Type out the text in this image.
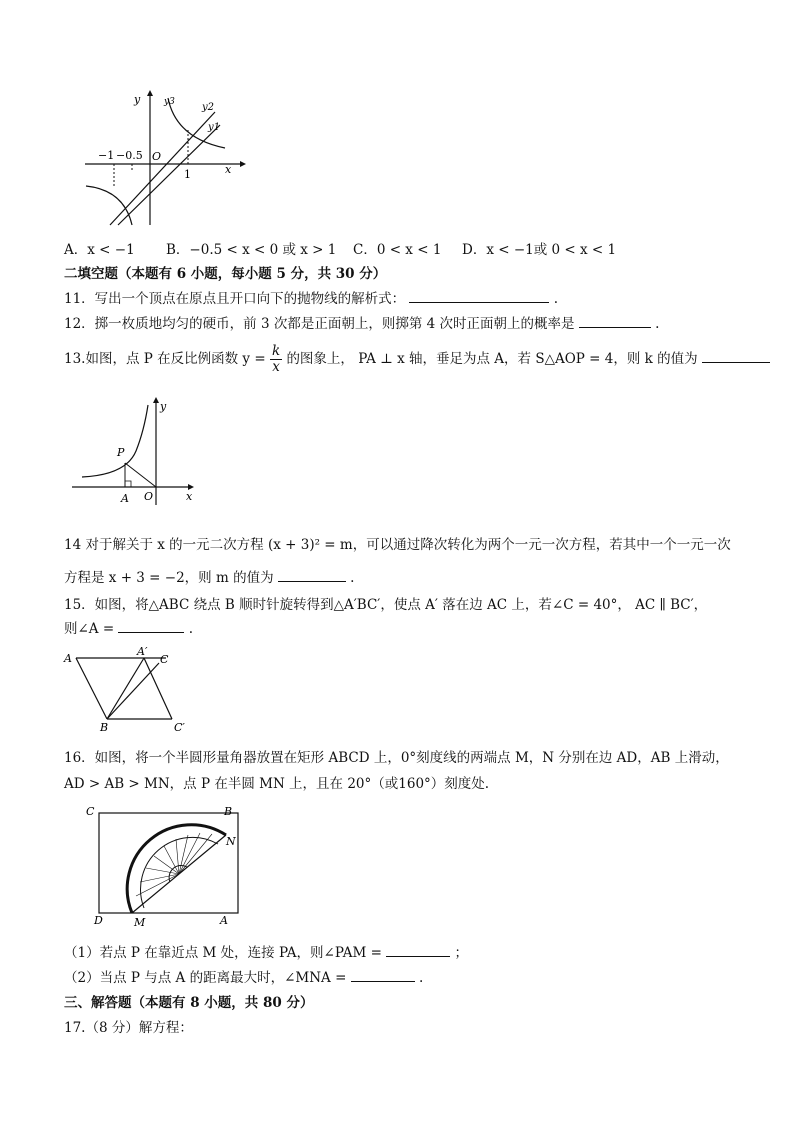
y	y3	y2
y1
−1 −0.5 O
1	x
A．x < −1 B．−0.5 < x < 0 或 x > 1 C．0 < x < 1 D．x < −1或 0 < x < 1
二填空题（本题有 6 小题，每小题 5 分，共 30 分）
11．写出一个顶点在原点且开口向下的抛物线的解析式：	.
12．掷一枚质地均匀的硬币，前 3 次都是正面朝上，则掷第 4 次时正面朝上的概率是	.
13.如图，点 P 在反比例函数 $y = \frac{k}{x}$ 的图象上， PA ⊥ x 轴，垂足为点 A，若 S△AOP = 4，则 k 的值为
y
P
A O	x
14 对于解关于 x 的一元二次方程 (x + 3)² = m，可以通过降次转化为两个一元一次方程，若其中一个一元一次
方程是 x + 3 = −2，则 m 的值为	.
15．如图，将△ABC 绕点 B 顺时针旋转得到△A′BC′，使点 A′ 落在边 AC 上，若∠C = 40°， AC ∥ BC′，
则∠A =	.
A
A′
C
B	C′
16．如图，将一个半圆形量角器放置在矩形 ABCD 上，0°刻度线的两端点 M，N 分别在边 AD，AB 上滑动，
AD > AB > MN，点 P 在半圆 MN 上，且在 20°（或160°）刻度处.
C	B
N
D	M	A
（1）若点 P 在靠近点 M 处，连接 PA，则∠PAM =	；
（2）当点 P 与点 A 的距离最大时，∠MNA =	.
三、解答题（本题有 8 小题，共 80 分）
17.（8 分）解方程：
